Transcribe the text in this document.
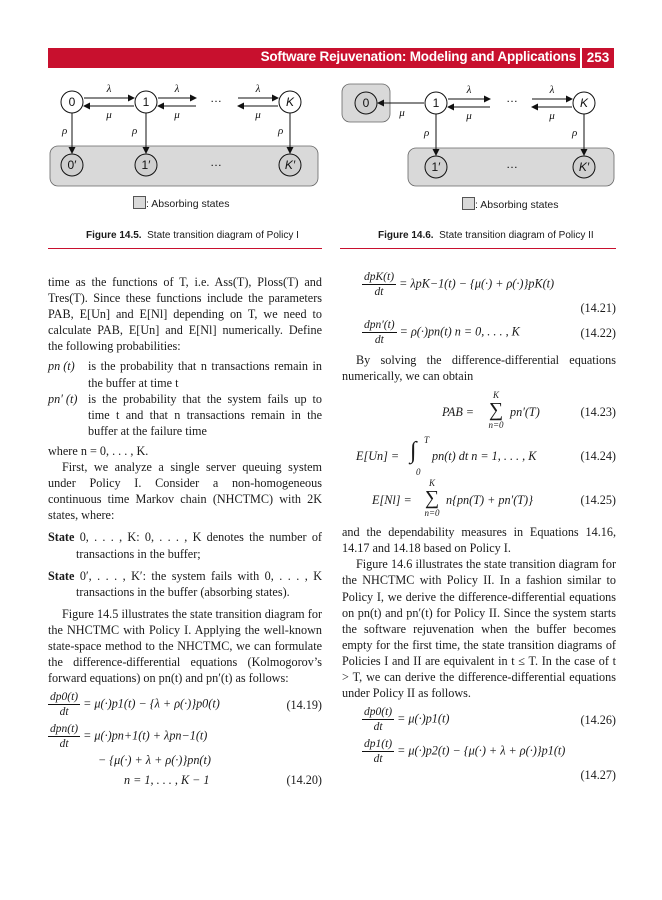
Software Rejuvenation: Modeling and Applications 253
0	1	K
λ
μ
λ
μ
…
λ
μ
ρ	ρ	ρ
0′	1′	…	K′
: Absorbing states
Figure 14.5. State transition diagram of Policy I
0	1	K
μ
λ
μ
…
λ
μ
ρ	ρ
1′	…	K′
: Absorbing states
Figure 14.6. State transition diagram of Policy II

time as the functions of T, i.e. Ass(T), Ploss(T) and Tres(T). Since these functions include the parameters PAB, E[Un] and E[Nl] depending on T, we need to calculate PAB, E[Un] and E[Nl] numerically. Define the following probabilities:

pn (t)	is the probability that n transactions remain in the buffer at time t
pn′ (t) is the probability that the system fails up to time t and that n transactions remain in the buffer at the failure time

where n = 0, . . . , K.

First, we analyze a single server queuing system under Policy I. Consider a non-homogeneous continuous time Markov chain (NHCTMC) with 2K states, where:

State 0, . . . , K: 0, . . . , K denotes the number of transactions in the buffer;

State 0′, . . . , K′: the system fails with 0, . . . , K transactions in the buffer (absorbing states).

Figure 14.5 illustrates the state transition diagram for the NHCTMC with Policy I. Applying the well-known state-space method to the NHCTMC, we can formulate the difference-differential equations (Kolmogorov’s forward equations) on pn(t) and pn′(t) as follows:

$\frac{dp0(t)}{dt} = \mu(\cdot)p1(t) - \{\lambda + \rho(\cdot)\}p0(t)$	(14.19)
$\frac{\text{dpn(t)}}{dt} = \mu(\cdot)pn+1(t) + \lambda pn-1(t)$
− {μ(·) + λ + ρ(·)}pn(t)
n = 1, . . . , K − 1	(14.20)
$\frac{\text{dpK(t)}}{dt} = \lambda pK-1(t) - \{\mu(\cdot) + \rho(\cdot)\}pK(t)$
(14.21)
$\frac{\text{dpn′(t)}}{dt} = \rho(\cdot)pn(t) n = 0$, . . . , K	(14.22)

By solving the difference-differential equations numerically, we can obtain

PAB =
K
∑
n=0
pn′(T)	(14.23)
E[Un] =
T
∫
0
pn(t) dt n = 1, . . . , K	(14.24)
E[Nl] =
K
∑
n=0
n{pn(T) + pn′(T)}	(14.25)

and the dependability measures in Equations 14.16, 14.17 and 14.18 based on Policy I.

Figure 14.6 illustrates the state transition diagram for the NHCTMC with Policy II. In a fashion similar to Policy I, we derive the difference-differential equations on pn(t) and pn′(t) for Policy II. Since the system starts the software rejuvenation when the buffer becomes empty for the first time, the state transition diagrams of Policies I and II are equivalent in t ≤ T. In the case of t > T, we can derive the difference-differential equations under Policy II as follows.

$\frac{dp0(t)}{dt} = \mu(\cdot)p1(t)$	(14.26)
$\frac{dp1(t)}{dt} = \mu(\cdot)p2(t) - \{\mu(\cdot) + \lambda + \rho(\cdot)\}p1(t)$
(14.27)
